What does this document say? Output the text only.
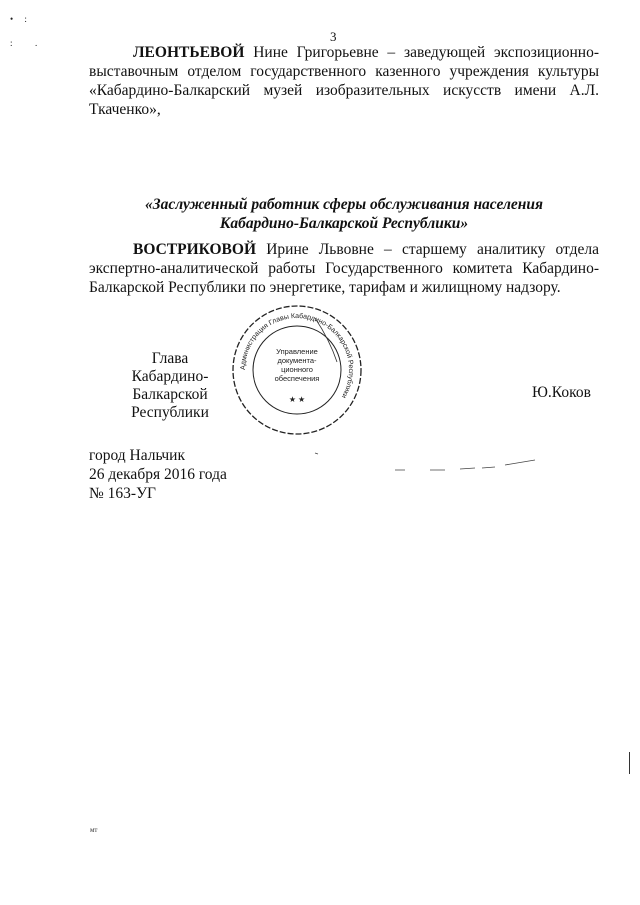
•     :
:          .	3
ЛЕОНТЬЕВОЙ Нине Григорьевне – заведующей экспозиционно-выставочным отделом государственного казенного учреждения культуры «Кабардино-Балкарский музей изобразительных искусств имени А.Л. Ткаченко»,
«Заслуженный работник сферы обслуживания населения
Кабардино-Балкарской Республики»
ВОСТРИКОВОЙ Ирине Львовне – старшему аналитику отдела экспертно-аналитической работы Государственного комитета Кабардино-Балкарской Республики по энергетике, тарифам и жилищному надзору.
Глава
Кабардино-Балкарской
Республики
Администрация Главы Кабардино-Балкарской Республики
Управление
докумeнта-
ционного
обеспечения
★ ★	Ю.Коков
город Нальчик
26 декабря 2016 года
№ 163-УГ
мт
